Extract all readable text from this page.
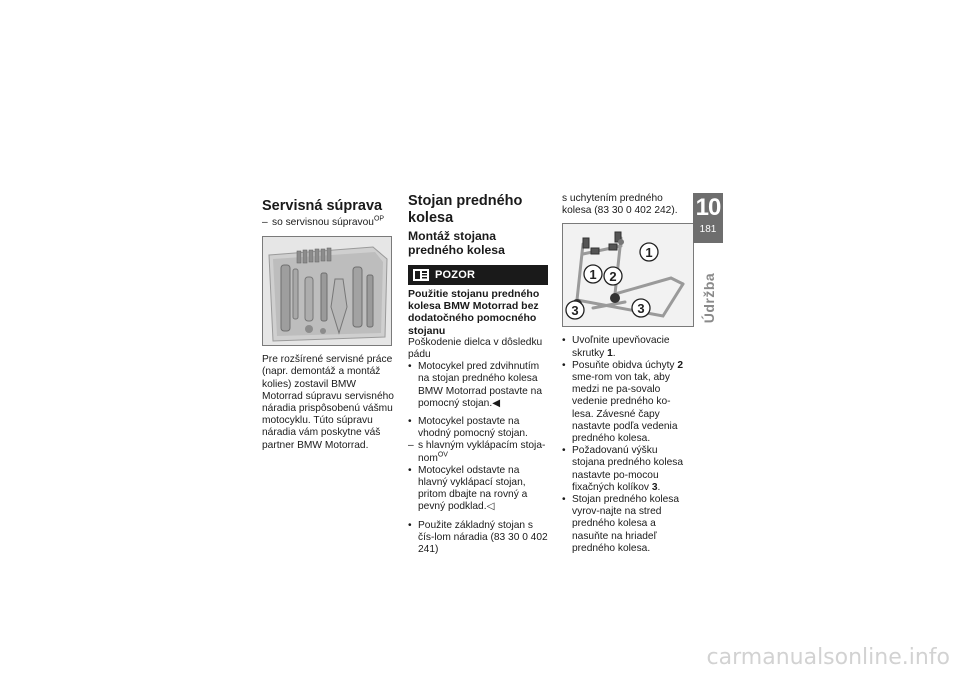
Servisná súprava

– so servisnou súpravou$^{OP}$

Pre rozšírené servisné práce (napr. demontáž a montáž kolies) zostavil BMW Motorrad súpravu servisného náradia prispôsobenú vášmu motocyklu. Túto súpravu náradia vám poskytne váš partner BMW Motorrad.

Stojan predného kolesa
Montáž stojana predného kolesa
POZOR

Použitie stojanu predného kolesa BMW Motorrad bez dodatočného pomocného stojanu

Poškodenie dielca v dôsledku pádu

• Motocykel pred zdvihnutím na stojan predného kolesa BMW Motorrad postavte na pomocný stojan.◀

• Motocykel postavte na vhodný pomocný stojan.

– s hlavným vyklápacím stoja-nom$^{OV}$

• Motocykel odstavte na hlavný vyklápací stojan, pritom dbajte na rovný a pevný podklad.◁

• Použite základný stojan s čís-lom náradia (83 30 0 402 241)

s uchytením predného kolesa (83 30 0 402 242).

1
1 2
3	3

• Uvoľnite upevňovacie skrutky 1.

• Posuňte obidva úchyty 2 sme-rom von tak, aby medzi ne pa-sovalo vedenie predného ko-lesa. Závesné čapy nastavte podľa vedenia predného kolesa.

• Požadovanú výšku stojana predného kolesa nastavte po-mocou fixačných kolíkov 3.

• Stojan predného kolesa vyrov-najte na stred predného kolesa a nasuňte na hriadeľ predného kolesa.

10
181
Údržba
carmanualsonline.info
